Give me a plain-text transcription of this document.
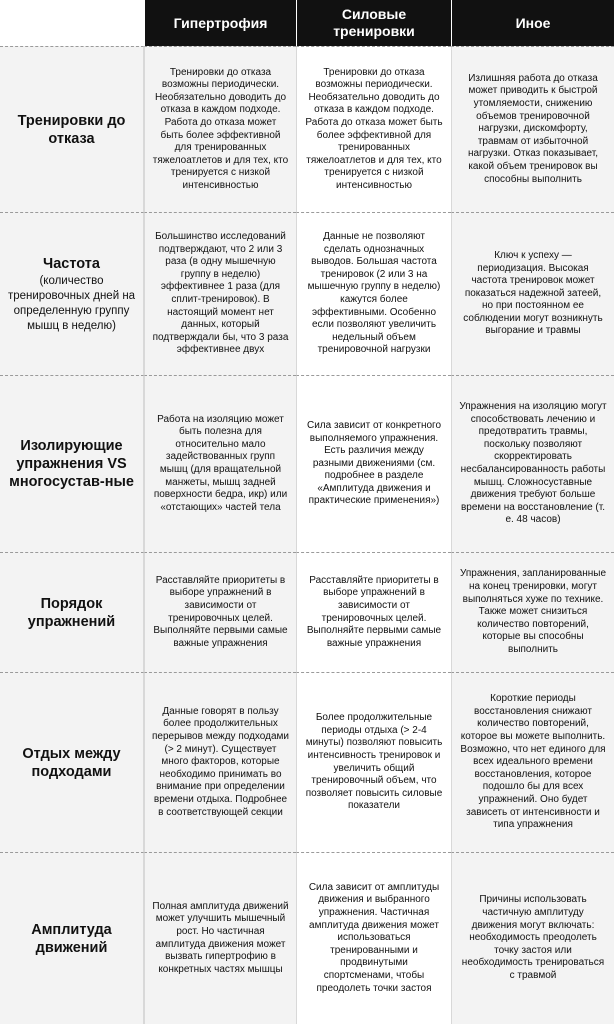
Гипертрофия
Силовые тренировки
Иное
Тренировки до отказа
Тренировки до отказа возможны периодически. Необязательно доводить до отказа в каждом подходе. Работа до отказа может быть более эффективной для тренированных тяжелоатлетов и для тех, кто тренируется с низкой интенсивностью
Тренировки до отказа возможны периодически. Необязательно доводить до отказа в каждом подходе. Работа до отказа может быть более эффективной для тренированных тяжелоатлетов и для тех, кто тренируется с низкой интенсивностью
Излишняя работа до отказа может приводить к быстрой утомляемости, снижению объемов тренировочной нагрузки, дискомфорту, травмам от избыточной нагрузки. Отказ показывает, какой объем тренировок вы способны выполнить
Частота
(количество тренировочных дней на определенную группу мышц в неделю)
Большинство исследований подтверждают, что 2 или 3 раза (в одну мышечную группу в неделю) эффективнее 1 раза (для сплит-тренировок). В настоящий момент нет данных, который подтверждали бы, что 3 раза эффективнее двух
Данные не позволяют сделать однозначных выводов. Большая частота тренировок (2 или 3 на мышечную группу в неделю) кажутся более эффективными. Особенно если позволяют увеличить недельный объем тренировочной нагрузки
Ключ к успеху — периодизация. Высокая частота тренировок может показаться надежной затеей, но при постоянном ее соблюдении могут возникнуть выгорание и травмы
Изолирующие упражнения VS многосустав-ные
Работа на изоляцию может быть полезна для относительно мало задействованных групп мышц (для вращательной манжеты, мышц задней поверхности бедра, икр) или «отстающих» частей тела
Сила зависит от конкретного выполняемого упражнения. Есть различия между разными движениями (см. подробнее в разделе «Амплитуда движения и практические применения»)
Упражнения на изоляцию могут способствовать лечению и предотвратить травмы, поскольку позволяют скорректировать несбалансированность работы мышц. Сложносуставные движения требуют больше времени на восстановление (т. е. 48 часов)
Порядок упражнений
Расставляйте приоритеты в выборе упражнений в зависимости от тренировочных целей. Выполняйте первыми самые важные упражнения
Расставляйте приоритеты в выборе упражнений в зависимости от тренировочных целей. Выполняйте первыми самые важные упражнения
Упражнения, запланированные на конец тренировки, могут выполняться хуже по технике. Также может снизиться количество повторений, которые вы способны выполнить
Отдых между подходами
Данные говорят в пользу более продолжительных перерывов между подходами (> 2 минут). Существует много факторов, которые необходимо принимать во внимание при определении времени отдыха. Подробнее в соответствующей секции
Более продолжительные периоды отдыха (> 2-4 минуты) позволяют повысить интенсивность тренировок и увеличить общий тренировочный объем, что позволяет повысить силовые показатели
Короткие периоды восстановления снижают количество повторений, которое вы можете выполнить. Возможно, что нет единого для всех идеального времени восстановления, которое подошло бы для всех упражнений. Оно будет зависеть от интенсивности и типа упражнения
Амплитуда движений
Полная амплитуда движений может улучшить мышечный рост. Но частичная амплитуда движения может вызвать гипертрофию в конкретных частях мышцы
Сила зависит от амплитуды движения и выбранного упражнения. Частичная амплитуда движения может использоваться тренированными и продвинутыми спортсменами, чтобы преодолеть точки застоя
Причины использовать частичную амплитуду движения могут включать: необходимость преодолеть точку застоя или необходимость тренироваться с травмой
